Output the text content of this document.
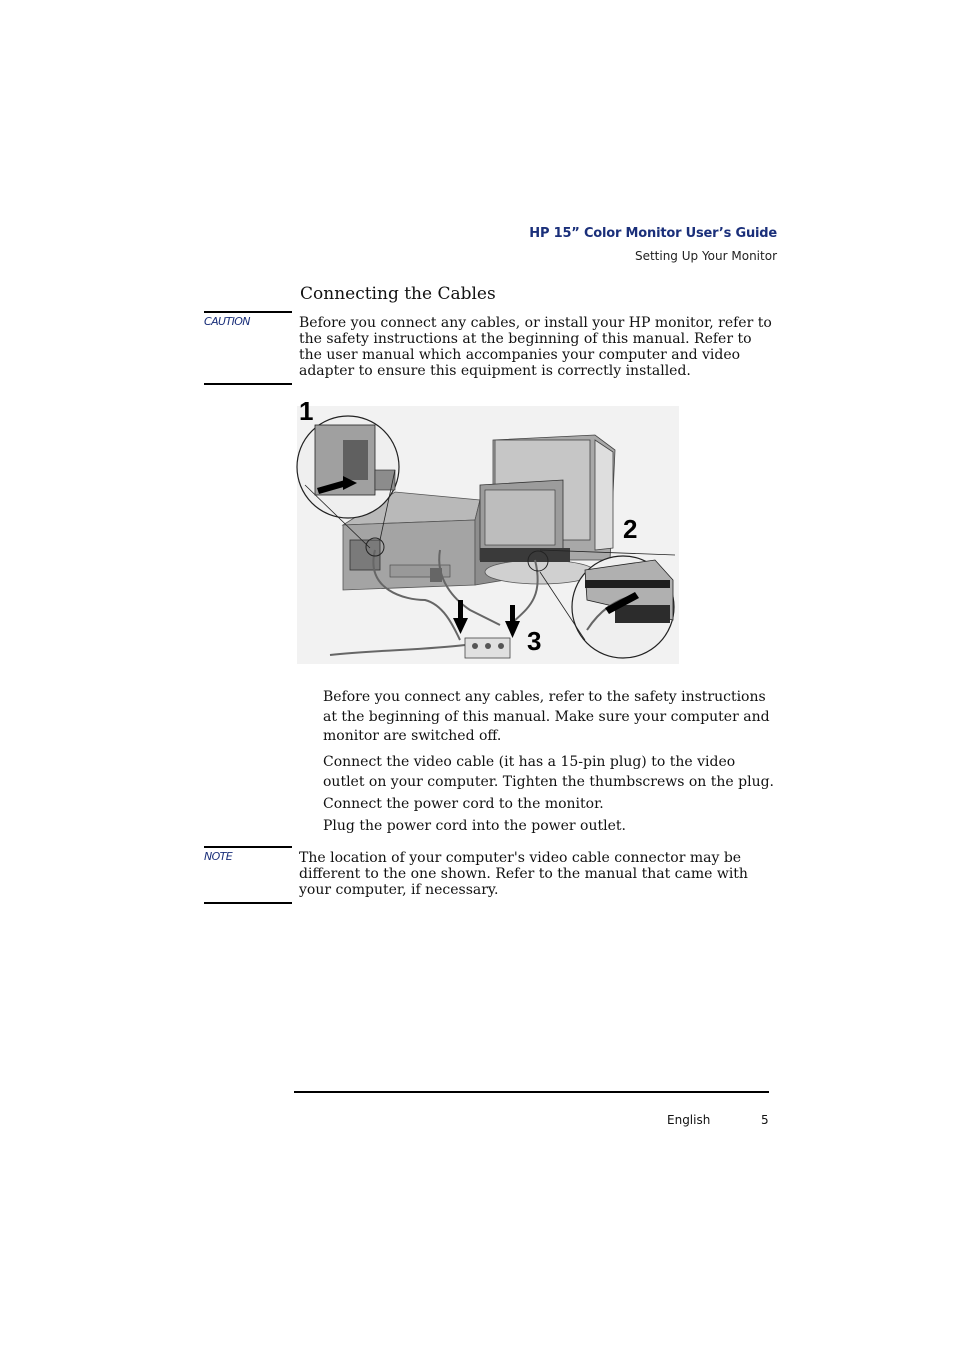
HP 15” Color Monitor User’s Guide
Setting Up Your Monitor
Connecting the Cables
CAUTION	Before you connect any cables, or install your HP monitor, refer to the safety instructions at the beginning of this manual. Refer to the user manual which accompanies your computer and video adapter to ensure this equipment is correctly installed.
1
2
3
Before you connect any cables, refer to the safety instructions at the beginning of this manual. Make sure your computer and monitor are switched off.
Connect the video cable (it has a 15-pin plug) to the video outlet on your computer. Tighten the thumbscrews on the plug.
Connect the power cord to the monitor.
Plug the power cord into the power outlet.
NOTE	The location of your computer's video cable connector may be different to the one shown. Refer to the manual that came with your computer, if necessary.
English	5
